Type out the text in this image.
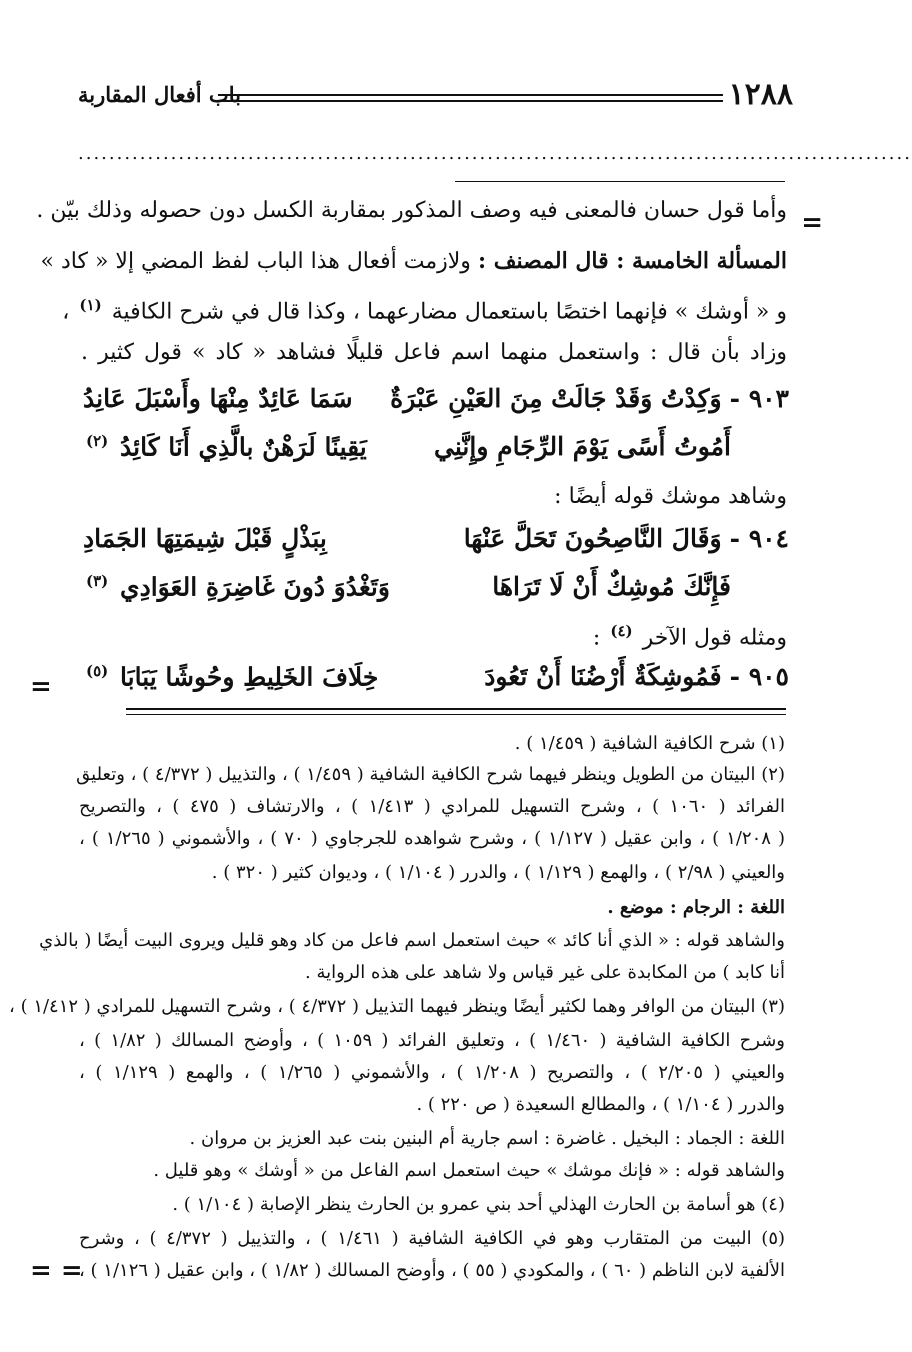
١٢٨٨
باب أفعال المقاربة
............................................................................................................
=
وأما قول حسان فالمعنى فيه وصف المذكور بمقاربة الكسل دون حصوله وذلك بيّن .
المسألة الخامسة : قال المصنف : ولازمت أفعال هذا الباب لفظ المضي إلا « كاد »
و « أوشك » فإنهما اختصًا باستعمال مضارعهما ، وكذا قال في شرح الكافية $^{(١)}$ ،
وزاد بأن قال : واستعمل منهما اسم فاعل قليلًا فشاهد « كاد » قول كثير .
٩٠٣ -وَكِدْتُ وَقَدْ جَالَتْ مِنَ العَيْنِ عَبْرَةٌ
سَمَا عَائِدٌ مِنْهَا وأَسْبَلَ عَانِدُ
أَمُوتُ أَسًى يَوْمَ الرِّجَامِ وإِنَّنِي
يَقِينًا لَرَهْنٌ بالَّذِي أَنَا كَائِدُ $^{(٢)}$
وشاهد موشك قوله أيضًا :
٩٠٤ -وَقَالَ النَّاصِحُونَ تَحَلَّ عَنْهَا
بِبَذْلٍ قَبْلَ شِيمَتِهَا الجَمَادِ
فَإِنَّكَ مُوشِكٌ أَنْ لَا تَرَاهَا
وَتَغْدُوَ دُونَ غَاضِرَةِ العَوَادِي $^{(٣)}$
ومثله قول الآخر $^{(٤)}$ :
٩٠٥ -فَمُوشِكَةٌ أَرْضُنَا أَنْ تَعُودَ
خِلَافَ الخَلِيطِ وحُوشًا يَبَابَا $^{(٥)}$
=
(١) شرح الكافية الشافية ( ١/٤٥٩ ) .
(٢) البيتان من الطويل وينظر فيهما شرح الكافية الشافية ( ١/٤٥٩ ) ، والتذييل ( ٤/٣٧٢ ) ، وتعليق
الفرائد ( ١٠٦٠ ) ، وشرح التسهيل للمرادي ( ١/٤١٣ ) ، والارتشاف ( ٤٧٥ ) ، والتصريح
( ١/٢٠٨ ) ، وابن عقيل ( ١/١٢٧ ) ، وشرح شواهده للجرجاوي ( ٧٠ ) ، والأشموني ( ١/٢٦٥ ) ،
والعيني ( ٢/٩٨ ) ، والهمع ( ١/١٢٩ ) ، والدرر ( ١/١٠٤ ) ، وديوان كثير ( ٣٢٠ ) .
اللغة : الرجام : موضع .
والشاهد قوله : « الذي أنا كائد » حيث استعمل اسم فاعل من كاد وهو قليل ويروى البيت أيضًا ( بالذي
أنا كابد ) من المكابدة على غير قياس ولا شاهد على هذه الرواية .
(٣) البيتان من الوافر وهما لكثير أيضًا وينظر فيهما التذييل ( ٤/٣٧٢ ) ، وشرح التسهيل للمرادي ( ١/٤١٢ ) ،
وشرح الكافية الشافية ( ١/٤٦٠ ) ، وتعليق الفرائد ( ١٠٥٩ ) ، وأوضح المسالك ( ١/٨٢ ) ،
والعيني ( ٢/٢٠٥ ) ، والتصريح ( ١/٢٠٨ ) ، والأشموني ( ١/٢٦٥ ) ، والهمع ( ١/١٢٩ ) ،
والدرر ( ١/١٠٤ ) ، والمطالع السعيدة ( ص ٢٢٠ ) .
اللغة : الجماد : البخيل . غاضرة : اسم جارية أم البنين بنت عبد العزيز بن مروان .
والشاهد قوله : « فإنك موشك » حيث استعمل اسم الفاعل من « أوشك » وهو قليل .
(٤) هو أسامة بن الحارث الهذلي أحد بني عمرو بن الحارث ينظر الإصابة ( ١/١٠٤ ) .
(٥) البيت من المتقارب وهو في الكافية الشافية ( ١/٤٦١ ) ، والتذييل ( ٤/٣٧٢ ) ، وشرح
الألفية لابن الناظم ( ٦٠ ) ، والمكودي ( ٥٥ ) ، وأوضح المسالك ( ١/٨٢ ) ، وابن عقيل ( ١/١٢٦ ) ،
= =
